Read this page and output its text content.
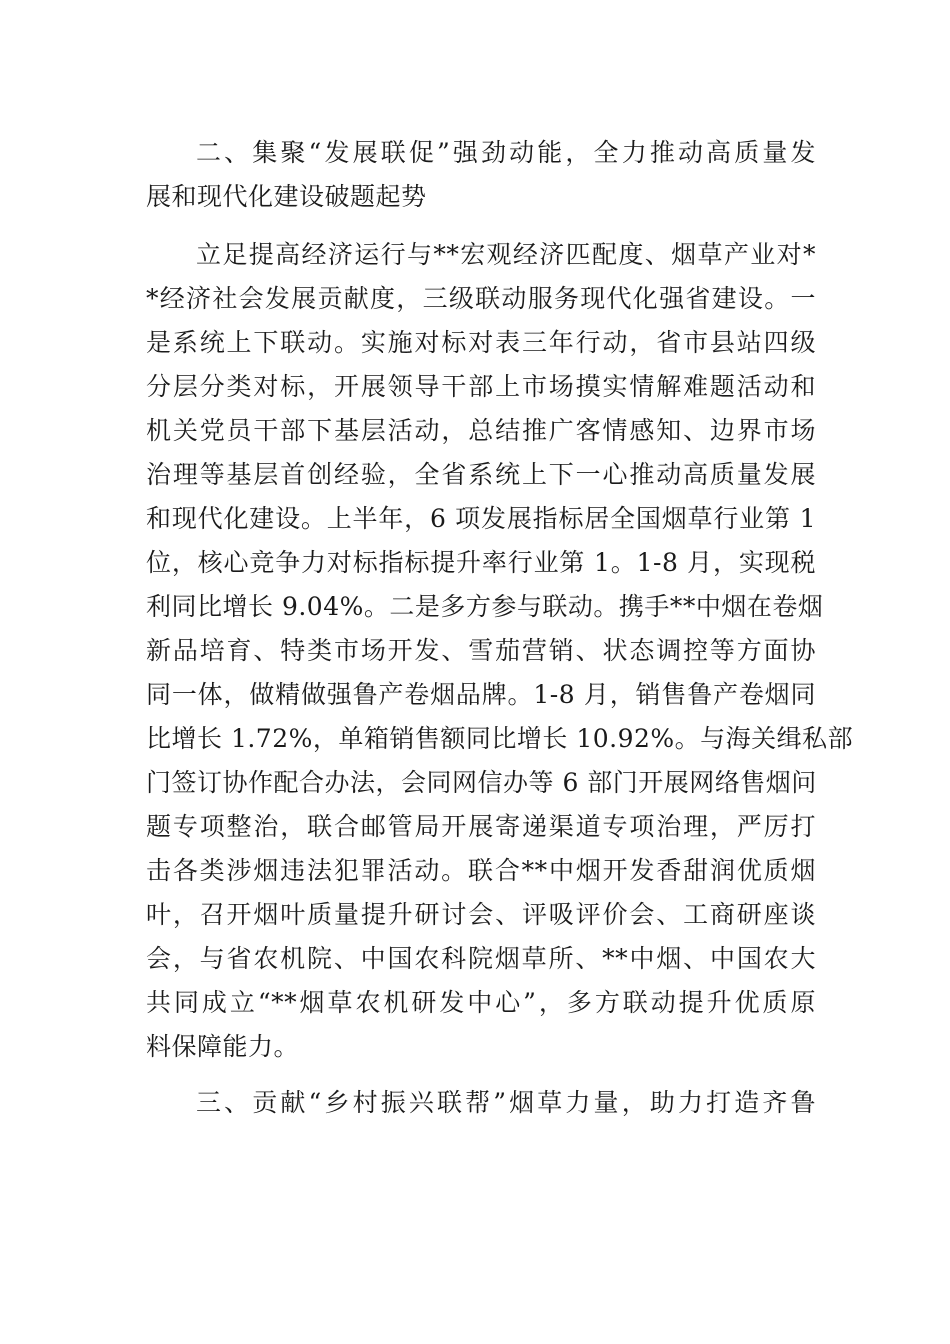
二、集聚“发展联促”强劲动能，全力推动高质量发
展和现代化建设破题起势
立足提高经济运行与**宏观经济匹配度、烟草产业对*
*经济社会发展贡献度，三级联动服务现代化强省建设。一
是系统上下联动。实施对标对表三年行动，省市县站四级
分层分类对标，开展领导干部上市场摸实情解难题活动和
机关党员干部下基层活动，总结推广客情感知、边界市场
治理等基层首创经验，全省系统上下一心推动高质量发展
和现代化建设。上半年，6 项发展指标居全国烟草行业第 1
位，核心竞争力对标指标提升率行业第 1。1-8 月，实现税
利同比增长 9.04%。二是多方参与联动。携手**中烟在卷烟
新品培育、特类市场开发、雪茄营销、状态调控等方面协
同一体，做精做强鲁产卷烟品牌。1-8 月，销售鲁产卷烟同
比增长 1.72%，单箱销售额同比增长 10.92%。与海关缉私部
门签订协作配合办法，会同网信办等 6 部门开展网络售烟问
题专项整治，联合邮管局开展寄递渠道专项治理，严厉打
击各类涉烟违法犯罪活动。联合**中烟开发香甜润优质烟
叶，召开烟叶质量提升研讨会、评吸评价会、工商研座谈
会，与省农机院、中国农科院烟草所、**中烟、中国农大
共同成立“**烟草农机研发中心”，多方联动提升优质原
料保障能力。
三、贡献“乡村振兴联帮”烟草力量，助力打造齐鲁
